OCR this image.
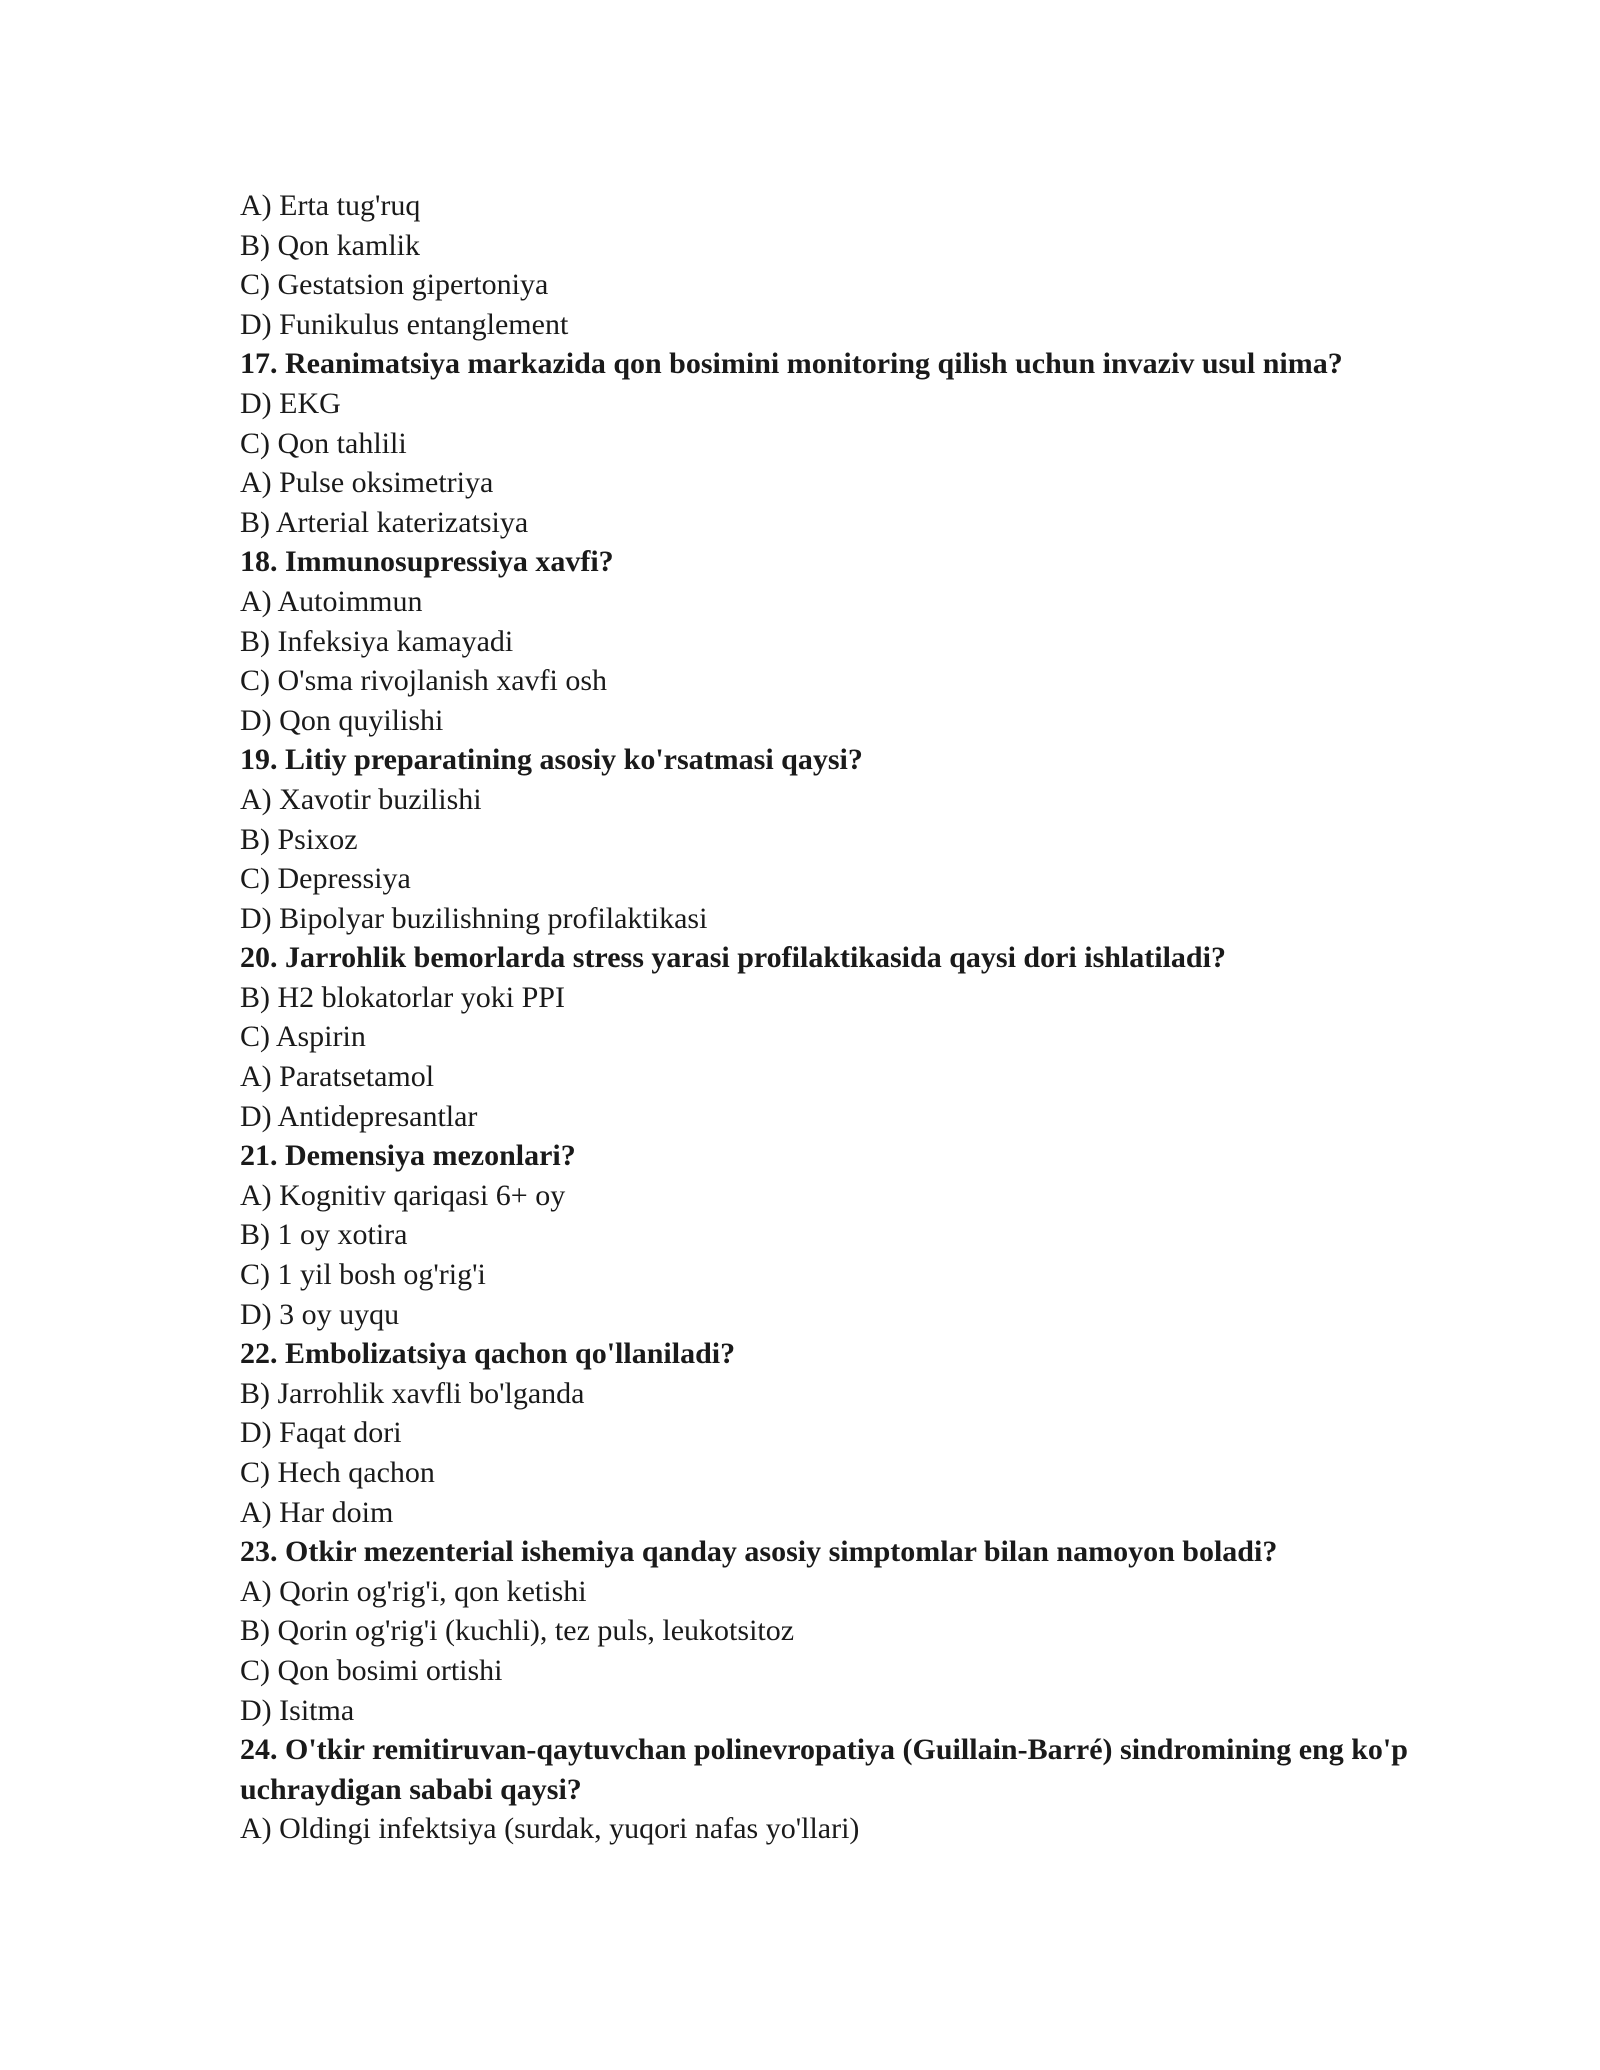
A) Erta tug'ruq

B) Qon kamlik

C) Gestatsion gipertoniya

D) Funikulus entanglement

17. Reanimatsiya markazida qon bosimini monitoring qilish uchun invaziv usul nima?

D) EKG

C) Qon tahlili

A) Pulse oksimetriya

B) Arterial katerizatsiya

18. Immunosupressiya xavfi?

A) Autoimmun

B) Infeksiya kamayadi

C) O'sma rivojlanish xavfi osh

D) Qon quyilishi

19. Litiy preparatining asosiy ko'rsatmasi qaysi?

A) Xavotir buzilishi

B) Psixoz

C) Depressiya

D) Bipolyar buzilishning profilaktikasi

20. Jarrohlik bemorlarda stress yarasi profilaktikasida qaysi dori ishlatiladi?

B) H2 blokatorlar yoki PPI

C) Aspirin

A) Paratsetamol

D) Antidepresantlar

21. Demensiya mezonlari?

A) Kognitiv qariqasi 6+ oy

B) 1 oy xotira

C) 1 yil bosh og'rig'i

D) 3 oy uyqu

22. Embolizatsiya qachon qo'llaniladi?

B) Jarrohlik xavfli bo'lganda

D) Faqat dori

C) Hech qachon

A) Har doim

23. Otkir mezenterial ishemiya qanday asosiy simptomlar bilan namoyon boladi?

A) Qorin og'rig'i, qon ketishi

B) Qorin og'rig'i (kuchli), tez puls, leukotsitoz

C) Qon bosimi ortishi

D) Isitma

24. O'tkir remitiruvan-qaytuvchan polinevropatiya (Guillain-Barré) sindromining eng ko'p uchraydigan sababi qaysi?

A) Oldingi infektsiya (surdak, yuqori nafas yo'llari)
